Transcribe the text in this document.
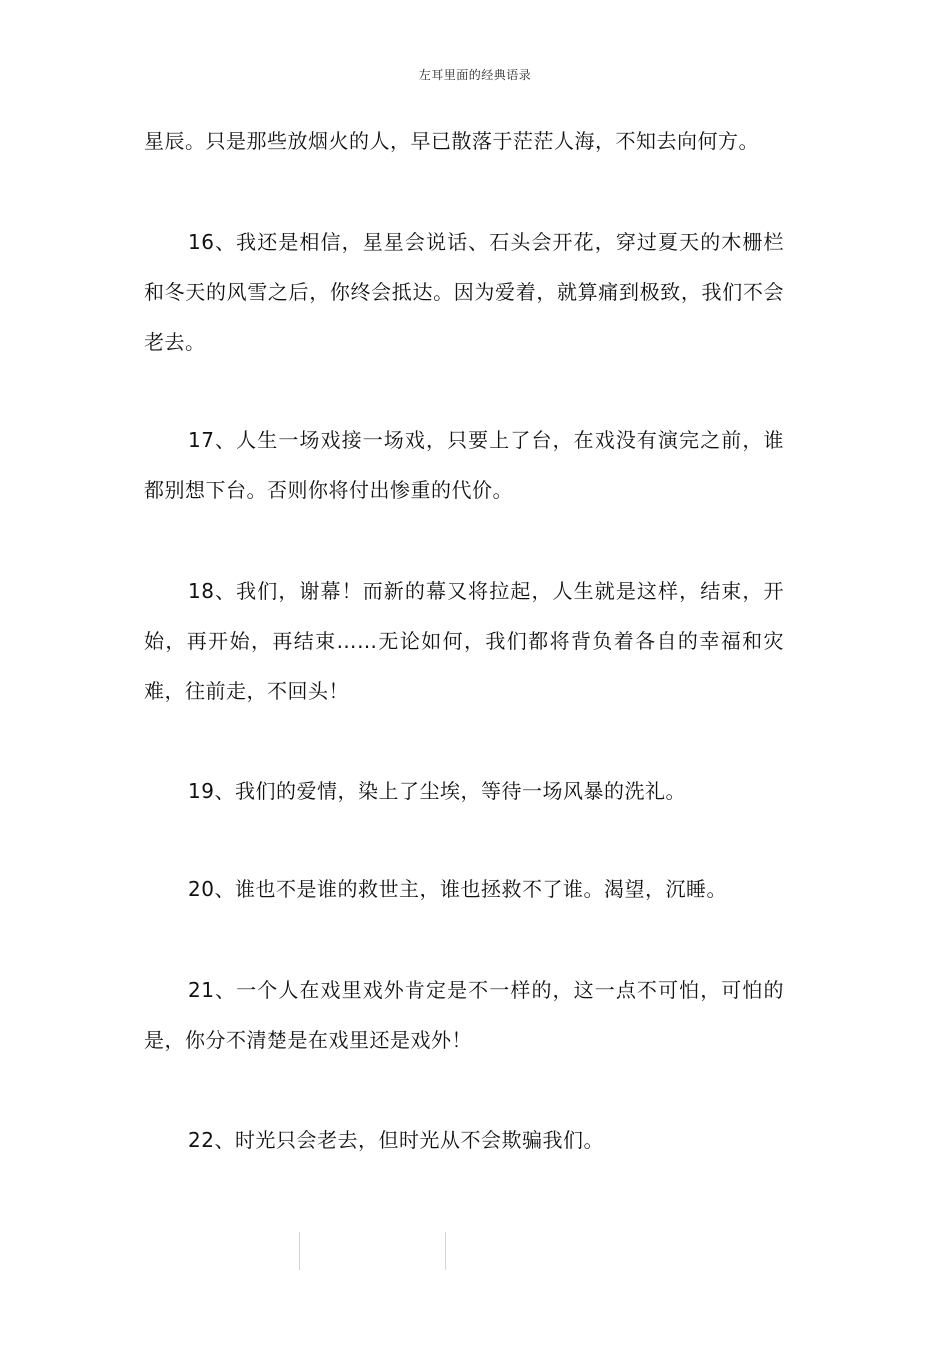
左耳里面的经典语录

星辰。只是那些放烟火的人，早已散落于茫茫人海，不知去向何方。

16、我还是相信，星星会说话、石头会开花，穿过夏天的木栅栏和冬天的风雪之后，你终会抵达。因为爱着，就算痛到极致，我们不会老去。

17、人生一场戏接一场戏，只要上了台，在戏没有演完之前，谁都别想下台。否则你将付出惨重的代价。

18、我们，谢幕！而新的幕又将拉起，人生就是这样，结束，开始，再开始，再结束……无论如何，我们都将背负着各自的幸福和灾难，往前走，不回头！

19、我们的爱情，染上了尘埃，等待一场风暴的洗礼。

20、谁也不是谁的救世主，谁也拯救不了谁。渴望，沉睡。

21、一个人在戏里戏外肯定是不一样的，这一点不可怕，可怕的是，你分不清楚是在戏里还是戏外！

22、时光只会老去，但时光从不会欺骗我们。
